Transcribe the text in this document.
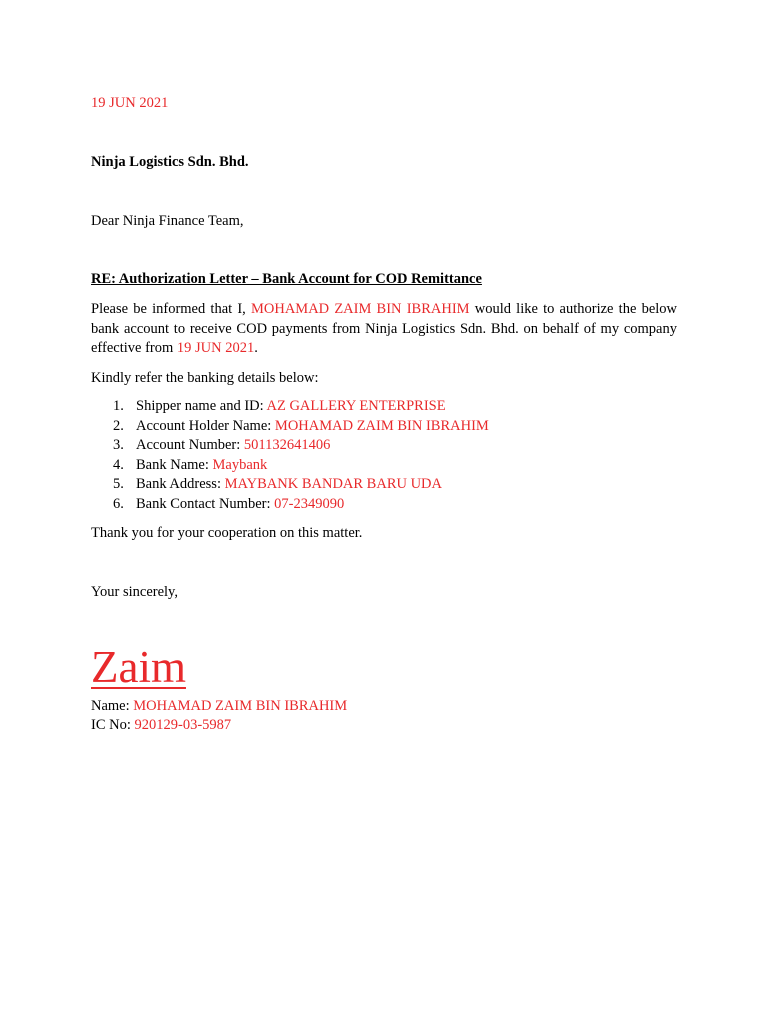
19 JUN 2021
Ninja Logistics Sdn. Bhd.
Dear Ninja Finance Team,
RE: Authorization Letter – Bank Account for COD Remittance
Please be informed that I, MOHAMAD ZAIM BIN IBRAHIM would like to authorize the below bank account to receive COD payments from Ninja Logistics Sdn. Bhd. on behalf of my company effective from 19 JUN 2021.
Kindly refer the banking details below:
1. Shipper name and ID: AZ GALLERY ENTERPRISE
2. Account Holder Name: MOHAMAD ZAIM BIN IBRAHIM
3. Account Number: 501132641406
4. Bank Name: Maybank
5. Bank Address: MAYBANK BANDAR BARU UDA
6. Bank Contact Number: 07-2349090
Thank you for your cooperation on this matter.
Your sincerely,
Zaim
Name: MOHAMAD ZAIM BIN IBRAHIM
IC No: 920129-03-5987
